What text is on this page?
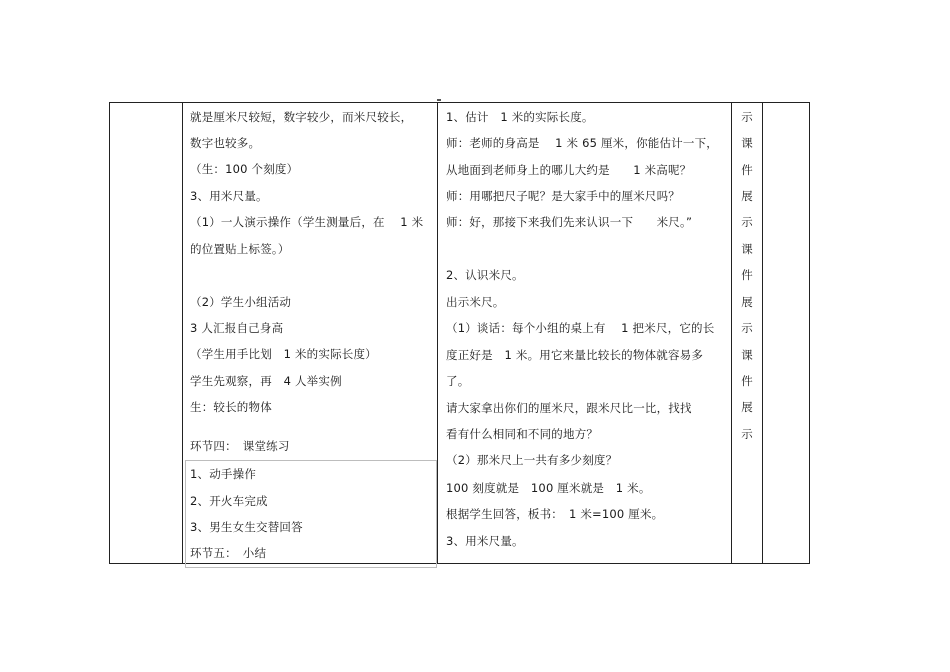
就是厘米尺较短，数字较少，而米尺较长，
数字也较多。
（生：100 个刻度）
3、用米尺量。
（1）一人演示操作（学生测量后，在　 1 米
的位置贴上标签。）
（2）学生小组活动
3 人汇报自己身高
（学生用手比划　1 米的实际长度）
学生先观察，再　4 人举实例
生：较长的物体
环节四：　课堂练习
1、动手操作
2、开火车完成
3、男生女生交替回答
环节五：　小结
1、估计　1 米的实际长度。
师：老师的身高是　 1 米 65 厘米，你能估计一下，
从地面到老师身上的哪儿大约是　　1 米高呢？
师：用哪把尺子呢？是大家手中的厘米尺吗？
师：好，那接下来我们先来认识一下　　米尺。”
2、认识米尺。
出示米尺。
（1）谈话：每个小组的桌上有　 1 把米尺，它的长
度正好是　1 米。用它来量比较长的物体就容易多
了。
请大家拿出你们的厘米尺，跟米尺比一比，找找
看有什么相同和不同的地方？
（2）那米尺上一共有多少刻度？
100 刻度就是　100 厘米就是　1 米。
根据学生回答，板书：　1 米=100 厘米。
3、用米尺量。
示
课
件
展
示
课
件
展
示
课
件
展
示
